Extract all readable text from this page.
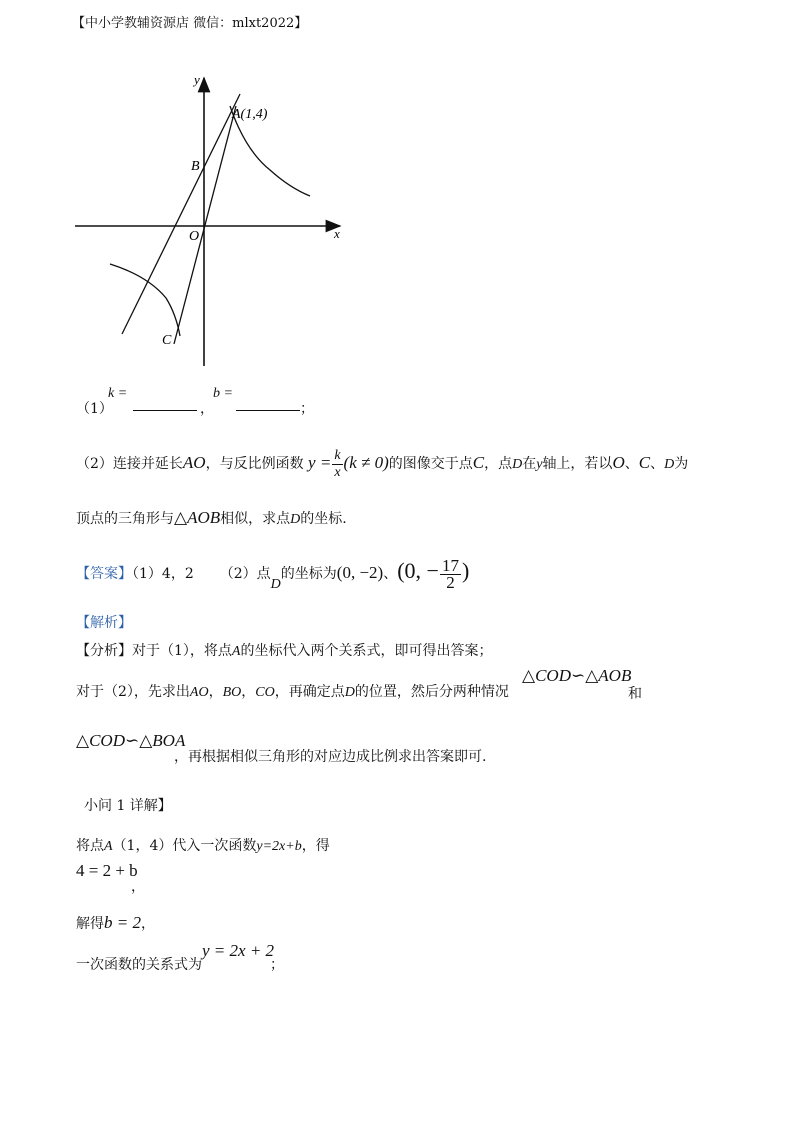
【中小学教辅资源店 微信：mlxt2022】
y
x
A(1,4)
B
O
C
（1）
k =
，
b =
；
（2）连接并延长AO，与反比例函数 $y = \frac{k}{x} (k \ne 0)$的图像交于点C，点D在y轴上，若以O、C、D为
顶点的三角形与△AOB相似，求点D的坐标.
【答案】（1）4，2 （2）点D的坐标为(0, −2)、(0, − $\frac{17}{2}$ )
【解析】
【分析】对于（1），将点A的坐标代入两个关系式，即可得出答案；
对于（2），先求出AO，BO，CO，再确定点D的位置，然后分两种情况
△COD∽△AOB
和
△COD∽△BOA
，再根据相似三角形的对应边成比例求出答案即可.
小问 1 详解】
将点A（1，4）代入一次函数y=2x+b，得
4 = 2 + b
，
解得b = 2，
一次函数的关系式为
y = 2x + 2
；
